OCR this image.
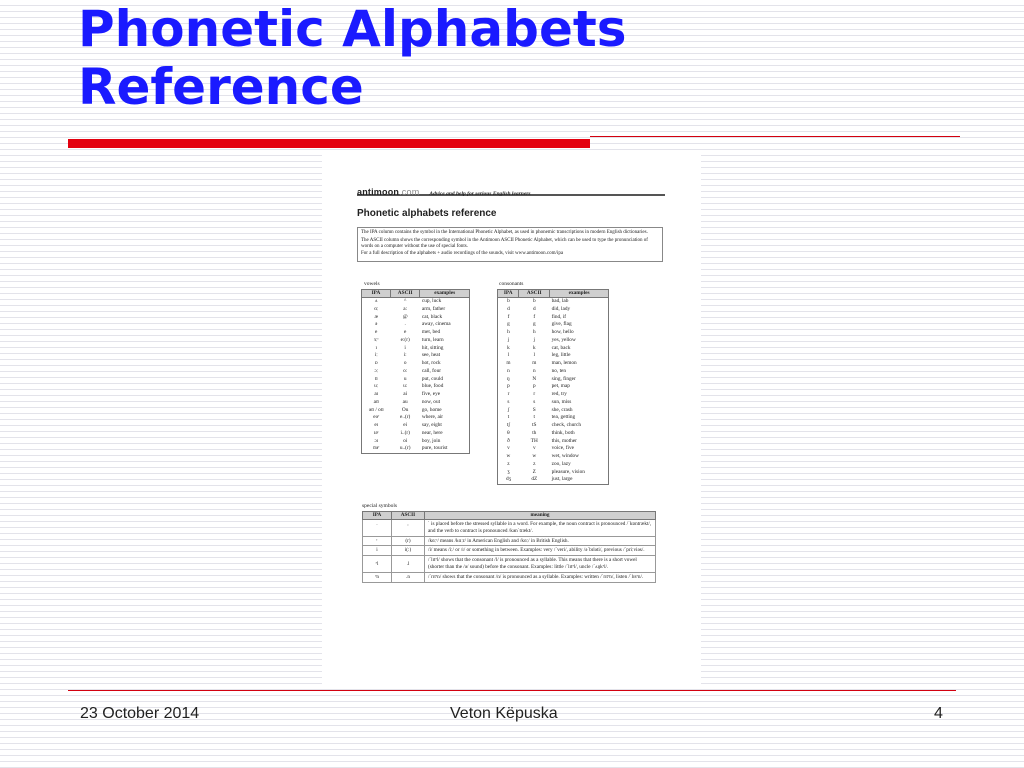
Phonetic Alphabets
Reference
antimoon.com Advice and help for serious English learners
Phonetic alphabets reference

The IPA column contains the symbol in the International Phonetic Alphabet, as used in phonemic transcriptions in modern English dictionaries.

The ASCII column shows the corresponding symbol in the Antimoon ASCII Phonetic Alphabet, which can be used to type the pronunciation of words on a computer without the use of special fonts.

For a full description of the alphabets + audio recordings of the sounds, visit www.antimoon.com/ipa

vowels
IPA	ASCII	examples
ʌ	^	cup, luck
ɑː	a:	arm, father
æ	@	cat, black
ə	.	away, cinema
e	e	met, bed
ɜːʳ	e:(r)	turn, learn
ɪ	i	hit, sitting
iː	i:	see, heat
ɒ	o	hot, rock
ɔː	o:	call, four
ʊ	u	put, could
uː	u:	blue, food
aɪ	ai	five, eye
aʊ	au	now, out
əʊ / oʊ	Ou	go, home
eəʳ	e..(r)	where, air
eɪ	ei	say, eight
ɪəʳ	i..(r)	near, here
ɔɪ	oi	boy, join
ʊəʳ	u..(r)	pure, tourist
consonants
IPA	ASCII	examples
b	b	bad, lab
d	d	did, lady
f	f	find, if
g	g	give, flag
h	h	how, hello
j	j	yes, yellow
k	k	cat, back
l	l	leg, little
m	m	man, lemon
n	n	no, ten
ŋ	N	sing, finger
p	p	pet, map
r	r	red, try
s	s	sun, miss
ʃ	S	she, crash
t	t	tea, getting
tʃ	tS	check, church
θ	th	think, both
ð	TH	this, mother
v	v	voice, five
w	w	wet, window
z	z	zoo, lazy
ʒ	Z	pleasure, vision
dʒ	dZ	just, large
special symbols
IPA	ASCII	meaning
ˈ	'	ˈ is placed before the stressed syllable in a word. For example, the noun contract is pronounced /ˈkɒntrækt/, and the verb to contract is pronounced /kənˈtrækt/.
ʳ	(r)	/kɑːʳ/ means /kɑːr/ in American English and /kɑː/ in British English.
i	i(:)	/i/ means /iː/ or /ɪ/ or something in between. Examples: very /ˈveri/, ability /əˈbɪləti/, previous /ˈpriːviəs/.
ᵊl	.l	/ˈlɪtᵊl/ shows that the consonant /l/ is pronounced as a syllable. This means that there is a short vowel (shorter than the /ə/ sound) before the consonant. Examples: little /ˈlɪtᵊl/, uncle /ˈʌŋkᵊl/.
ᵊn	.n	/ˈrɪtᵊn/ shows that the consonant /n/ is pronounced as a syllable. Examples: written /ˈrɪtᵊn/, listen /ˈlɪsᵊn/.
23 October 2014	Veton Këpuska	4
